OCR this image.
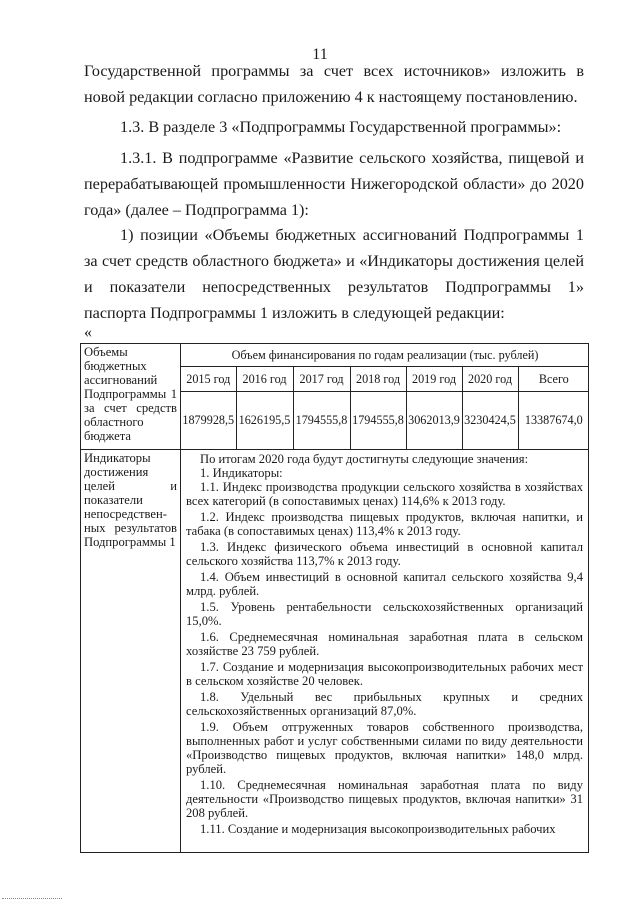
11

Государственной программы за счет всех источников» изложить в новой редакции согласно приложению 4 к настоящему постановлению.

1.3. В разделе 3 «Подпрограммы Государственной программы»:

1.3.1. В подпрограмме «Развитие сельского хозяйства, пищевой и перерабатывающей промышленности Нижегородской области» до 2020 года» (далее – Подпрограмма 1):

1) позиции «Объемы бюджетных ассигнований Подпрограммы 1 за счет средств областного бюджета» и «Индикаторы достижения целей и показатели непосредственных результатов Подпрограммы 1» паспорта Подпрограммы 1 изложить в следующей редакции:

«
Объемы бюджетных ассигнований Подпрограммы 1 за счет средств областного бюджета	
Объем финансирования по годам реализации (тыс. рублей)
2015 год	2016 год	2017 год	2018 год	2019 год	2020 год	Всего
1879928,5	1626195,5	1794555,8	1794555,8	3062013,9	3230424,5	13387674,0

Индикаторы достижения целей и показатели непосредствен-ных результатов Подпрограммы 1	

По итогам 2020 года будут достигнуты следующие значения:

1. Индикаторы:

1.1. Индекс производства продукции сельского хозяйства в хозяйствах всех категорий (в сопоставимых ценах) 114,6% к 2013 году.

1.2. Индекс производства пищевых продуктов, включая напитки, и табака (в сопоставимых ценах) 113,4% к 2013 году.

1.3. Индекс физического объема инвестиций в основной капитал сельского хозяйства 113,7% к 2013 году.

1.4. Объем инвестиций в основной капитал сельского хозяйства 9,4 млрд. рублей.

1.5. Уровень рентабельности сельскохозяйственных организаций 15,0%.

1.6. Среднемесячная номинальная заработная плата в сельском хозяйстве 23 759 рублей.

1.7. Создание и модернизация высокопроизводительных рабочих мест в сельском хозяйстве 20 человек.

1.8. Удельный вес прибыльных крупных и средних сельскохозяйственных организаций 87,0%.

1.9. Объем отгруженных товаров собственного производства, выполненных работ и услуг собственными силами по виду деятельности «Производство пищевых продуктов, включая напитки» 148,0 млрд. рублей.

1.10. Среднемесячная номинальная заработная плата по виду деятельности «Производство пищевых продуктов, включая напитки» 31 208 рублей.

1.11. Создание и модернизация высокопроизводительных рабочих
